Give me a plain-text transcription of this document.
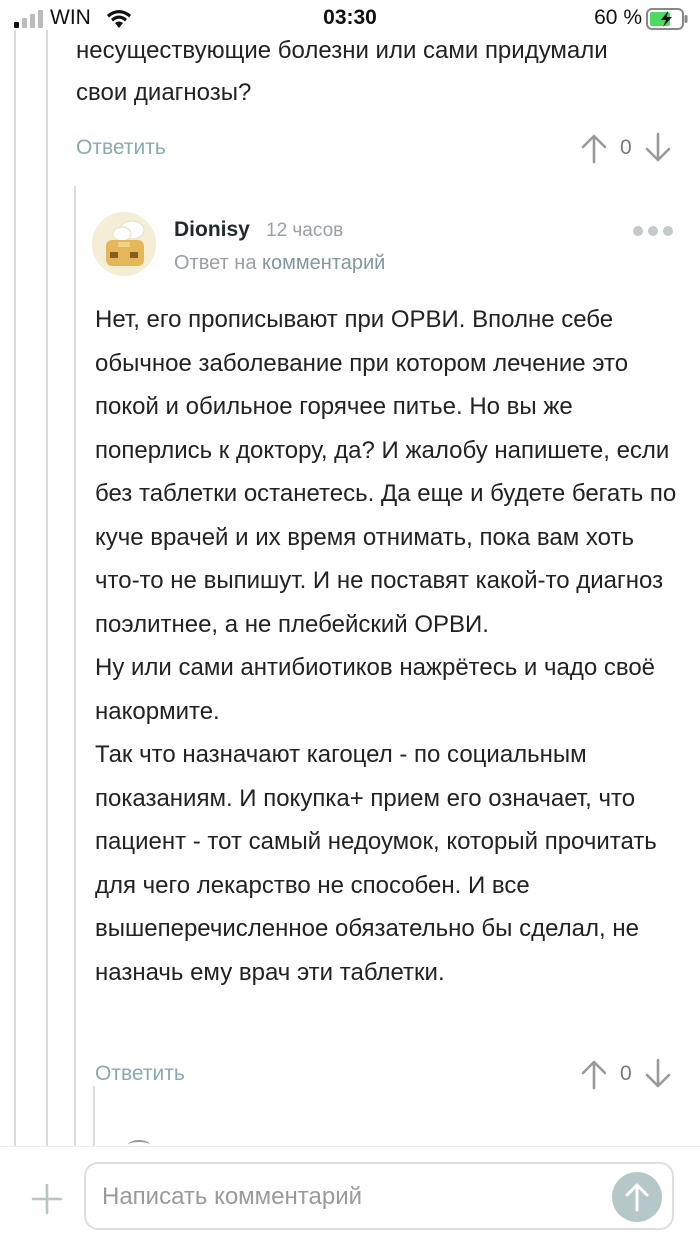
WIN	03:30	60 %
несуществующие болезни или сами придумали свои диагнозы?
Ответить	0
Dionisy 12 часов
Ответ на комментарий

Нет, его прописывают при ОРВИ. Вполне себе обычное заболевание при котором лечение это покой и обильное горячее питье. Но вы же поперлись к доктору, да? И жалобу напишете, если без таблетки останетесь. Да еще и будете бегать по куче врачей и их время отнимать, пока вам хоть что-то не выпишут. И не поставят какой-то диагноз поэлитнее, а не плебейский ОРВИ.

Ну или сами антибиотиков нажрётесь и чадо своё накормите.

Так что назначают кагоцел - по социальным показаниям. И покупка+ прием его означает, что пациент - тот самый недоумок, который прочитать для чего лекарство не способен. И все вышеперечисленное обязательно бы сделал, не назначь ему врач эти таблетки.

Ответить	0
Написать комментарий
